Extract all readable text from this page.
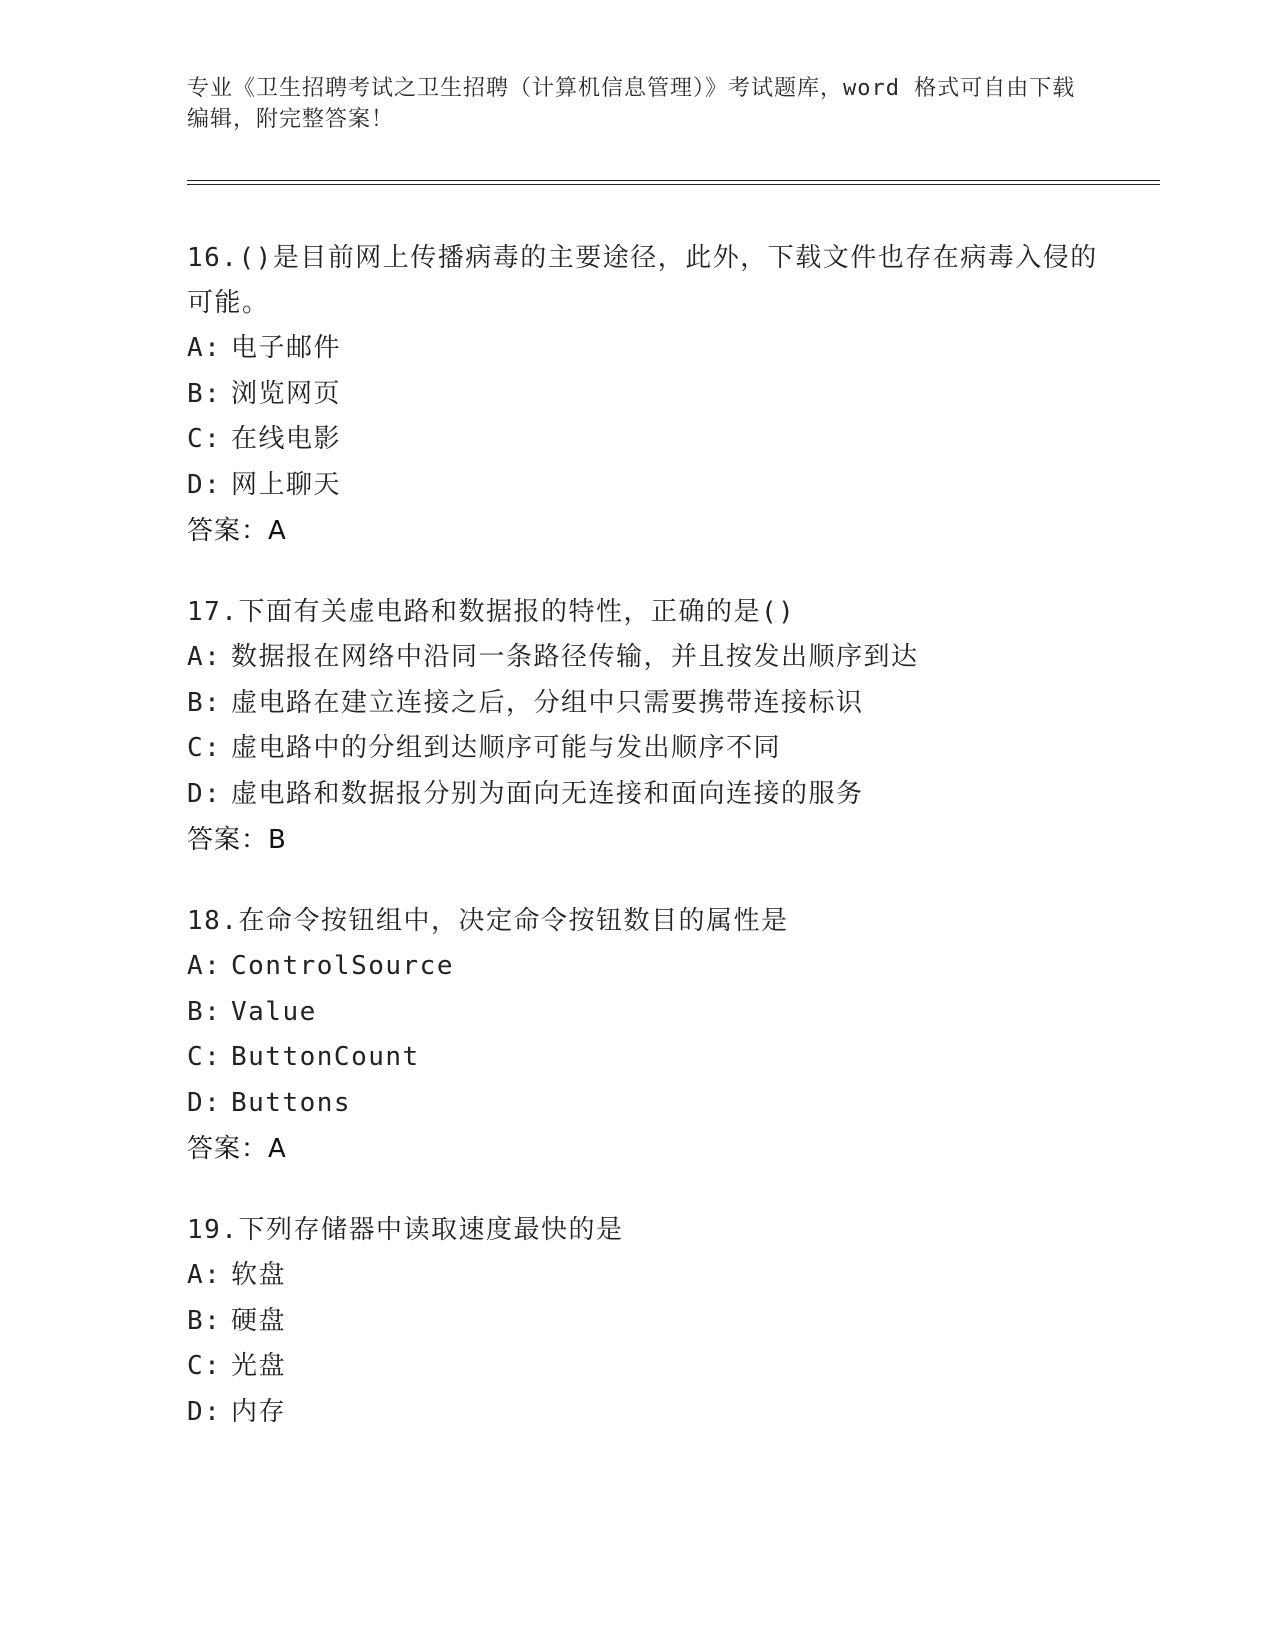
专业《卫生招聘考试之卫生招聘（计算机信息管理）》考试题库，word 格式可自由下载编辑，附完整答案！

16.()是目前网上传播病毒的主要途径，此外，下载文件也存在病毒入侵的可能。

A: 电子邮件

B: 浏览网页

C: 在线电影

D: 网上聊天

答案：A

17.下面有关虚电路和数据报的特性，正确的是()

A: 数据报在网络中沿同一条路径传输，并且按发出顺序到达

B: 虚电路在建立连接之后，分组中只需要携带连接标识

C: 虚电路中的分组到达顺序可能与发出顺序不同

D: 虚电路和数据报分别为面向无连接和面向连接的服务

答案：B

18.在命令按钮组中，决定命令按钮数目的属性是

A: ControlSource

B: Value

C: ButtonCount

D: Buttons

答案：A

19.下列存储器中读取速度最快的是

A: 软盘

B: 硬盘

C: 光盘

D: 内存
